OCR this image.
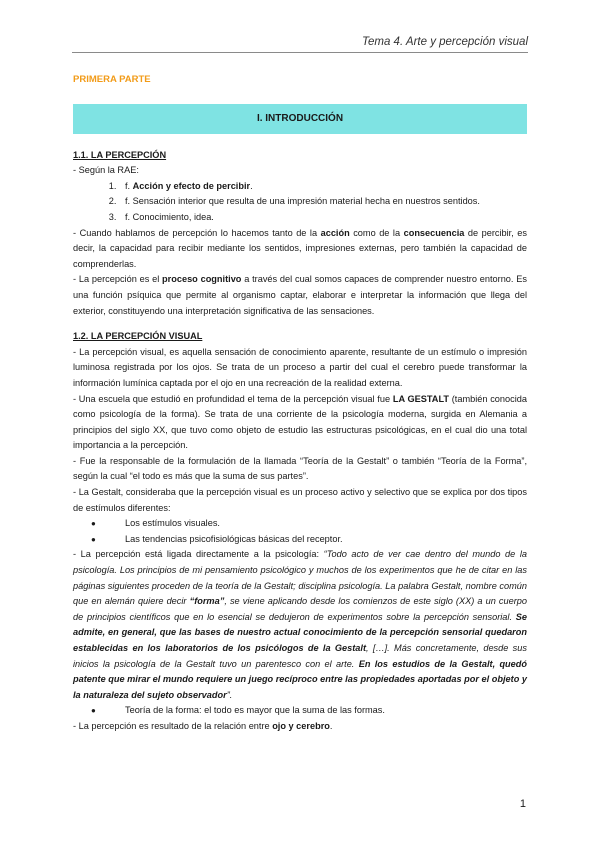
Tema 4. Arte y percepción visual
PRIMERA PARTE
I. INTRODUCCIÓN
1.1. LA PERCEPCIÓN

- Según la RAE:

1. f. Acción y efecto de percibir.
2. f. Sensación interior que resulta de una impresión material hecha en nuestros sentidos.
3. f. Conocimiento, idea.

- Cuando hablamos de percepción lo hacemos tanto de la acción como de la consecuencia de percibir, es decir, la capacidad para recibir mediante los sentidos, impresiones externas, pero también la capacidad de comprenderlas.

- La percepción es el proceso cognitivo a través del cual somos capaces de comprender nuestro entorno. Es una función psíquica que permite al organismo captar, elaborar e interpretar la información que llega del exterior, constituyendo una interpretación significativa de las sensaciones.

1.2. LA PERCEPCIÓN VISUAL

- La percepción visual, es aquella sensación de conocimiento aparente, resultante de un estímulo o impresión luminosa registrada por los ojos. Se trata de un proceso a partir del cual el cerebro puede transformar la información lumínica captada por el ojo en una recreación de la realidad externa.

- Una escuela que estudió en profundidad el tema de la percepción visual fue LA GESTALT (también conocida como psicología de la forma). Se trata de una corriente de la psicología moderna, surgida en Alemania a principios del siglo XX, que tuvo como objeto de estudio las estructuras psicológicas, en el cual dio una total importancia a la percepción.

- Fue la responsable de la formulación de la llamada “Teoría de la Gestalt” o también “Teoría de la Forma”, según la cual “el todo es más que la suma de sus partes”.

- La Gestalt, consideraba que la percepción visual es un proceso activo y selectivo que se explica por dos tipos de estímulos diferentes:

● Los estímulos visuales.
● Las tendencias psicofisiológicas básicas del receptor.

- La percepción está ligada directamente a la psicología: “Todo acto de ver cae dentro del mundo de la psicología. Los principios de mi pensamiento psicológico y muchos de los experimentos que he de citar en las páginas siguientes proceden de la teoría de la Gestalt; disciplina psicología. La palabra Gestalt, nombre común que en alemán quiere decir “forma”, se viene aplicando desde los comienzos de este siglo (XX) a un cuerpo de principios científicos que en lo esencial se dedujeron de experimentos sobre la percepción sensorial. Se admite, en general, que las bases de nuestro actual conocimiento de la percepción sensorial quedaron establecidas en los laboratorios de los psicólogos de la Gestalt, […]. Más concretamente, desde sus inicios la psicología de la Gestalt tuvo un parentesco con el arte. En los estudios de la Gestalt, quedó patente que mirar el mundo requiere un juego recíproco entre las propiedades aportadas por el objeto y la naturaleza del sujeto observador”.

● Teoría de la forma: el todo es mayor que la suma de las formas.

- La percepción es resultado de la relación entre ojo y cerebro.

1
